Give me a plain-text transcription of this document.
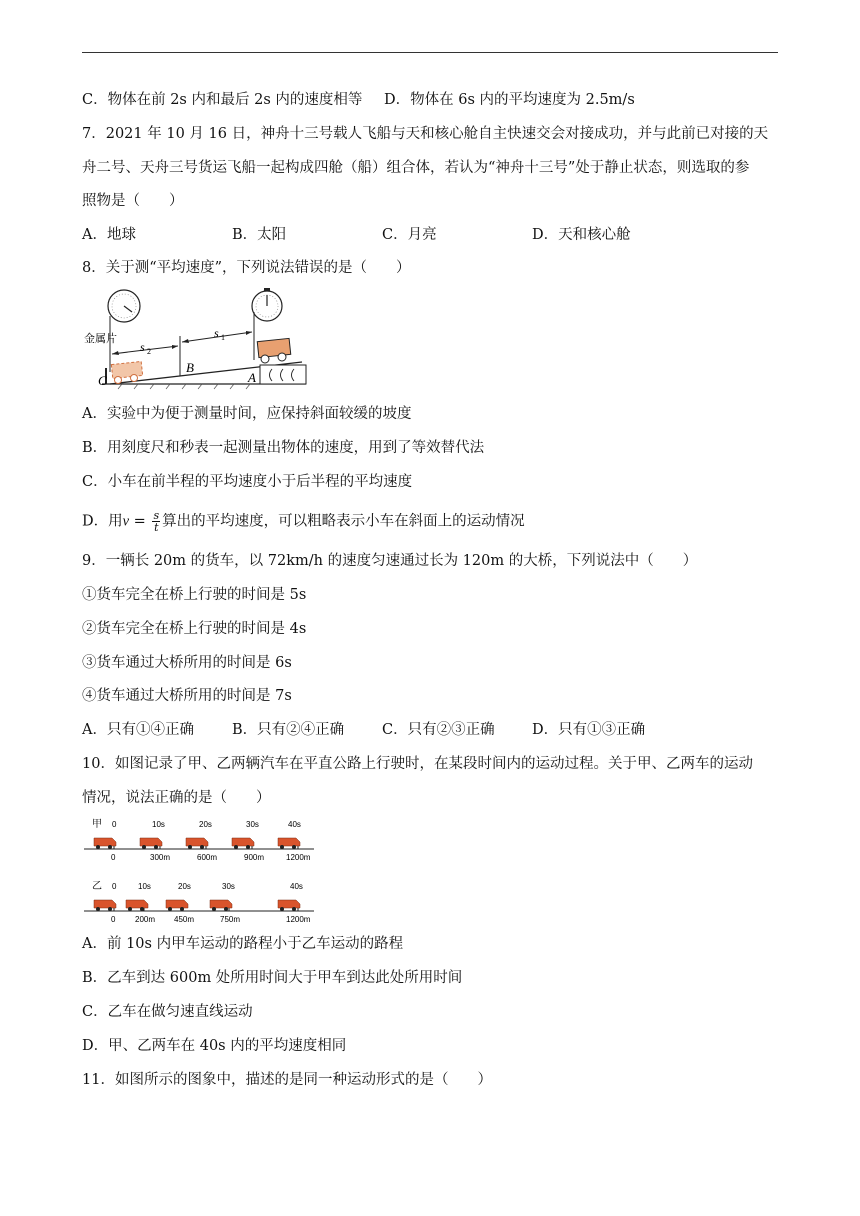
C．物体在前 2s 内和最后 2s 内的速度相等 D．物体在 6s 内的平均速度为 2.5m/s
7．2021 年 10 月 16 日，神舟十三号载人飞船与天和核心舱自主快速交会对接成功，并与此前已对接的天
舟二号、天舟三号货运飞船一起构成四舱（船）组合体，若认为“神舟十三号”处于静止状态，则选取的参
照物是（　　）
A．地球	B．太阳	C．月亮	D．天和核心舱
8．关于测“平均速度”，下列说法错误的是（　　）
金属片
s 2
s 1
B
A
C
A．实验中为便于测量时间，应保持斜面较缓的坡度
B．用刻度尺和秒表一起测量出物体的速度，用到了等效替代法
C．小车在前半程的平均速度小于后半程的平均速度
D．用$v = \frac{s}{t}$ 算出的平均速度，可以粗略表示小车在斜面上的运动情况
9．一辆长 20m 的货车，以 72km/h 的速度匀速通过长为 120m 的大桥，下列说法中（　　）
①货车完全在桥上行驶的时间是 5s
②货车完全在桥上行驶的时间是 4s
③货车通过大桥所用的时间是 6s
④货车通过大桥所用的时间是 7s
A．只有①④正确	B．只有②④正确	C．只有②③正确	D．只有①③正确
10．如图记录了甲、乙两辆汽车在平直公路上行驶时，在某段时间内的运动过程。关于甲、乙两车的运动
情况，说法正确的是（　　）
甲 0	10s	20s	30s	40s
0	300m	600m	900m	1200m
乙 0	10s	20s	30s	40s
0 200m 450m	750m	1200m
A．前 10s 内甲车运动的路程小于乙车运动的路程
B．乙车到达 600m 处所用时间大于甲车到达此处所用时间
C．乙车在做匀速直线运动
D．甲、乙两车在 40s 内的平均速度相同
11．如图所示的图象中，描述的是同一种运动形式的是（　　）
